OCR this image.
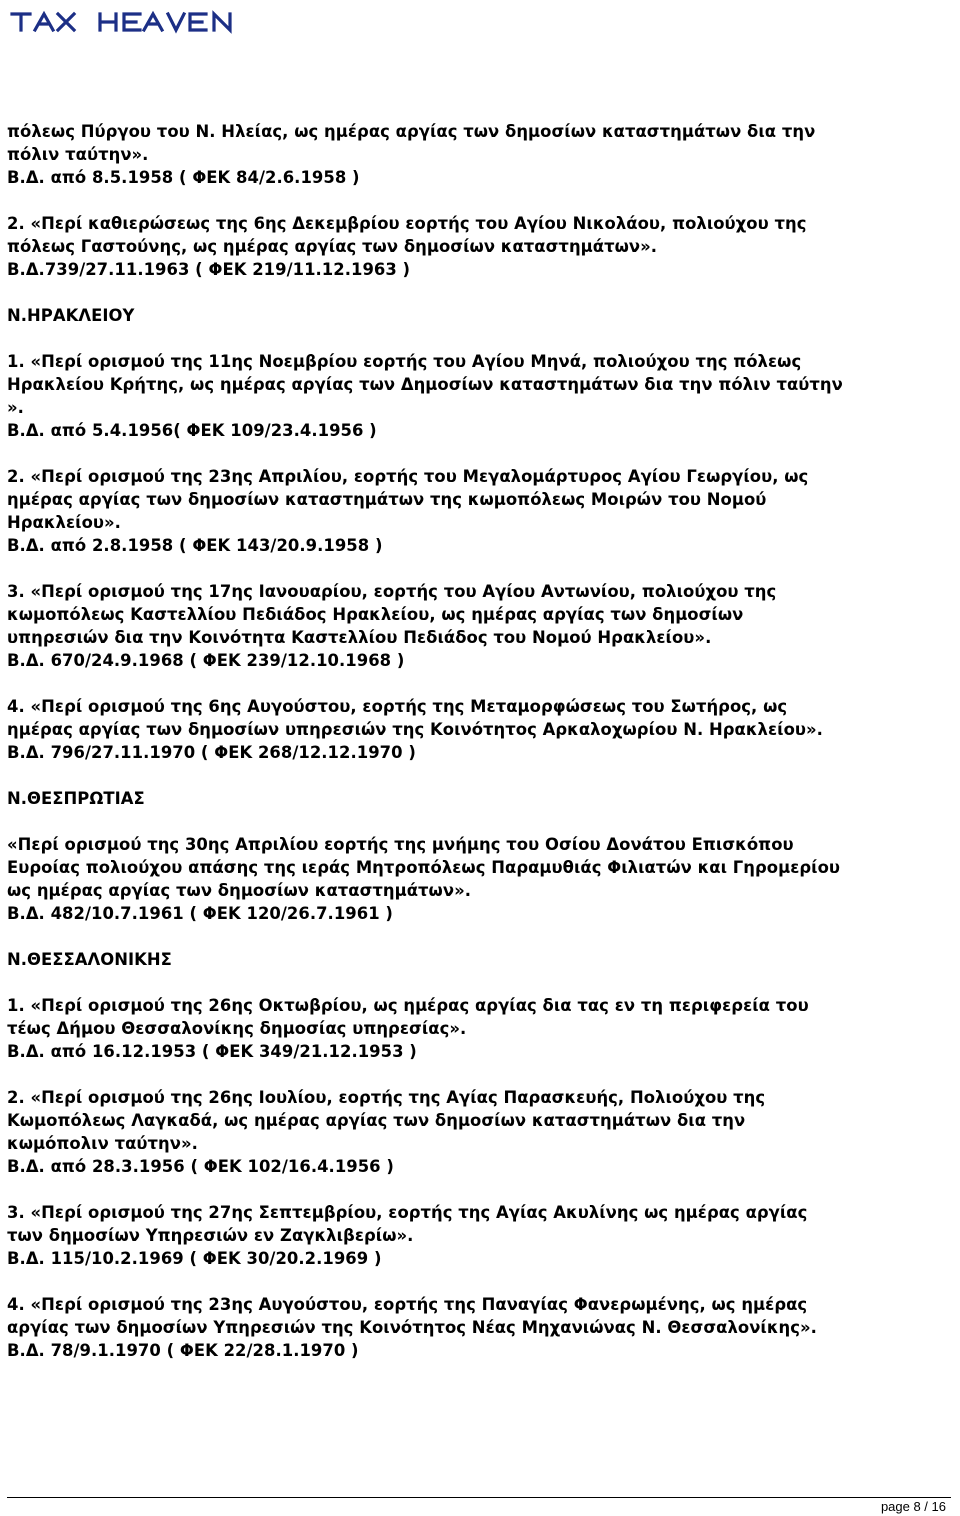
πόλεως Πύργου του Ν. Ηλείας, ως ημέρας αργίας των δημοσίων καταστημάτων δια την
πόλιν ταύτην».
Β.Δ. από 8.5.1958 ( ΦΕΚ 84/2.6.1958 )
2. «Περί καθιερώσεως της 6ης Δεκεμβρίου εορτής του Αγίου Νικολάου, πολιούχου της
πόλεως Γαστούνης, ως ημέρας αργίας των δημοσίων καταστημάτων».
Β.Δ.739/27.11.1963 ( ΦΕΚ 219/11.12.1963 )
Ν.ΗΡΑΚΛΕΙΟΥ
1. «Περί ορισμού της 11ης Νοεμβρίου εορτής του Αγίου Μηνά, πολιούχου της πόλεως
Ηρακλείου Κρήτης, ως ημέρας αργίας των Δημοσίων καταστημάτων δια την πόλιν ταύτην
».
Β.Δ. από 5.4.1956( ΦΕΚ 109/23.4.1956 )
2. «Περί ορισμού της 23ης Απριλίου, εορτής του Μεγαλομάρτυρος Αγίου Γεωργίου, ως
ημέρας αργίας των δημοσίων καταστημάτων της κωμοπόλεως Μοιρών του Νομού
Ηρακλείου».
Β.Δ. από 2.8.1958 ( ΦΕΚ 143/20.9.1958 )
3. «Περί ορισμού της 17ης Ιανουαρίου, εορτής του Αγίου Αντωνίου, πολιούχου της
κωμοπόλεως Καστελλίου Πεδιάδος Ηρακλείου, ως ημέρας αργίας των δημοσίων
υπηρεσιών δια την Κοινότητα Καστελλίου Πεδιάδος του Νομού Ηρακλείου».
Β.Δ. 670/24.9.1968 ( ΦΕΚ 239/12.10.1968 )
4. «Περί ορισμού της 6ης Αυγούστου, εορτής της Μεταμορφώσεως του Σωτήρος, ως
ημέρας αργίας των δημοσίων υπηρεσιών της Κοινότητος Αρκαλοχωρίου Ν. Ηρακλείου».
Β.Δ. 796/27.11.1970 ( ΦΕΚ 268/12.12.1970 )
Ν.ΘΕΣΠΡΩΤΙΑΣ
«Περί ορισμού της 30ης Απριλίου εορτής της μνήμης του Οσίου Δονάτου Επισκόπου
Ευροίας πολιούχου απάσης της ιεράς Μητροπόλεως Παραμυθιάς Φιλιατών και Γηρομερίου
ως ημέρας αργίας των δημοσίων καταστημάτων».
Β.Δ. 482/10.7.1961 ( ΦΕΚ 120/26.7.1961 )
Ν.ΘΕΣΣΑΛΟΝΙΚΗΣ
1. «Περί ορισμού της 26ης Οκτωβρίου, ως ημέρας αργίας δια τας εν τη περιφερεία του
τέως Δήμου Θεσσαλονίκης δημοσίας υπηρεσίας».
Β.Δ. από 16.12.1953 ( ΦΕΚ 349/21.12.1953 )
2. «Περί ορισμού της 26ης Ιουλίου, εορτής της Αγίας Παρασκευής, Πολιούχου της
Κωμοπόλεως Λαγκαδά, ως ημέρας αργίας των δημοσίων καταστημάτων δια την
κωμόπολιν ταύτην».
Β.Δ. από 28.3.1956 ( ΦΕΚ 102/16.4.1956 )
3. «Περί ορισμού της 27ης Σεπτεμβρίου, εορτής της Αγίας Ακυλίνης ως ημέρας αργίας
των δημοσίων Υπηρεσιών εν Ζαγκλιβερίω».
Β.Δ. 115/10.2.1969 ( ΦΕΚ 30/20.2.1969 )
4. «Περί ορισμού της 23ης Αυγούστου, εορτής της Παναγίας Φανερωμένης, ως ημέρας
αργίας των δημοσίων Υπηρεσιών της Κοινότητος Νέας Μηχανιώνας Ν. Θεσσαλονίκης».
Β.Δ. 78/9.1.1970 ( ΦΕΚ 22/28.1.1970 )
page 8 / 16
